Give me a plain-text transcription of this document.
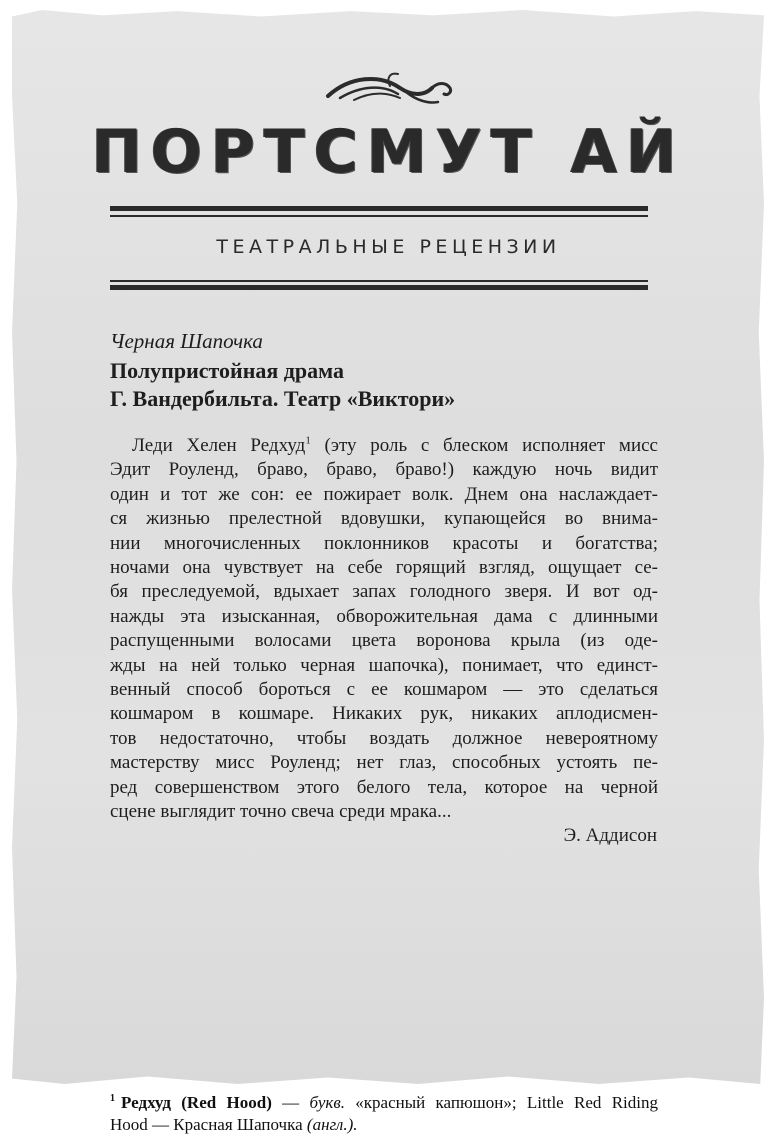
ПОРТСМУТ АЙ
ТЕАТРАЛЬНЫЕ РЕЦЕНЗИИ
Черная Шапочка
Полупристойная драма
Г. Вандербильта. Театр «Виктори»
Леди Хелен Редхуд$^1$ (эту роль с блеском исполняет мисс
Эдит Роуленд, браво, браво, браво!) каждую ночь видит
один и тот же сон: ее пожирает волк. Днем она наслаждает-
ся жизнью прелестной вдовушки, купающейся во внима-
нии многочисленных поклонников красоты и богатства;
ночами она чувствует на себе горящий взгляд, ощущает се-
бя преследуемой, вдыхает запах голодного зверя. И вот од-
нажды эта изысканная, обворожительная дама с длинными
распущенными волосами цвета воронова крыла (из оде-
жды на ней только черная шапочка), понимает, что единст-
венный способ бороться с ее кошмаром — это сделаться
кошмаром в кошмаре. Никаких рук, никаких аплодисмен-
тов недостаточно, чтобы воздать должное невероятному
мастерству мисс Роуленд; нет глаз, способных устоять пе-
ред совершенством этого белого тела, которое на черной
сцене выглядит точно свеча среди мрака...
Э. Аддисон
$^1$ Редхуд (Red Hood) — букв. «красный капюшон»; Little Red Riding
Hood — Красная Шапочка (англ.).
